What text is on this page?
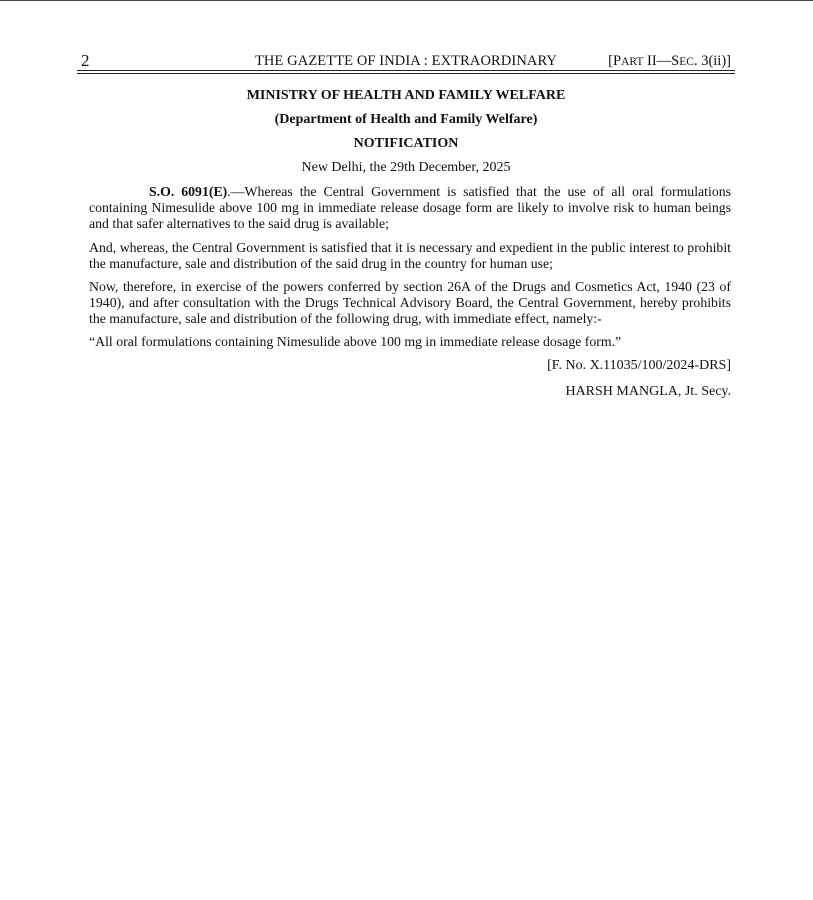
2	THE GAZETTE OF INDIA : EXTRAORDINARY	[PART II—SEC. 3(ii)]
MINISTRY OF HEALTH AND FAMILY WELFARE
(Department of Health and Family Welfare)
NOTIFICATION
New Delhi, the 29th December, 2025
S.O. 6091(E).—Whereas the Central Government is satisfied that the use of all oral formulations containing Nimesulide above 100 mg in immediate release dosage form are likely to involve risk to human beings and that safer alternatives to the said drug is available;
And, whereas, the Central Government is satisfied that it is necessary and expedient in the public interest to prohibit the manufacture, sale and distribution of the said drug in the country for human use;
Now, therefore, in exercise of the powers conferred by section 26A of the Drugs and Cosmetics Act, 1940 (23 of 1940), and after consultation with the Drugs Technical Advisory Board, the Central Government, hereby prohibits the manufacture, sale and distribution of the following drug, with immediate effect, namely:-
“All oral formulations containing Nimesulide above 100 mg in immediate release dosage form.”
[F. No. X.11035/100/2024-DRS]
HARSH MANGLA, Jt. Secy.
